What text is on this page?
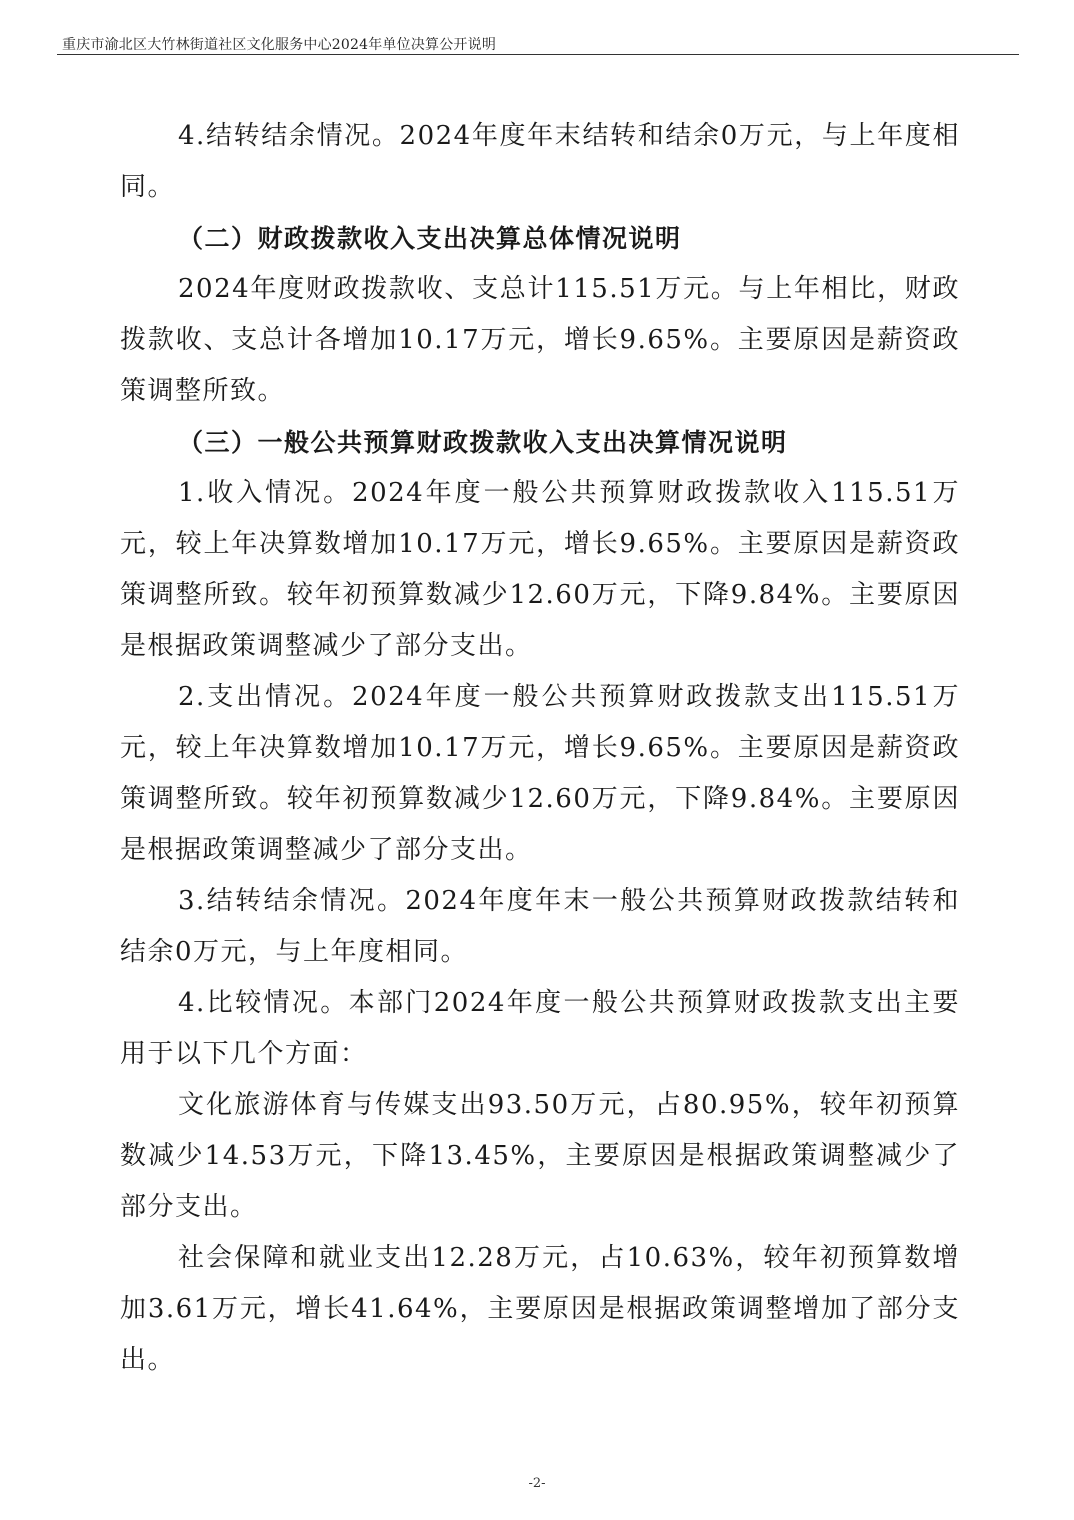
重庆市渝北区大竹林街道社区文化服务中心2024年单位决算公开说明

4.结转结余情况。2024年度年末结转和结余0万元，与上年度相同。

（二）财政拨款收入支出决算总体情况说明

2024年度财政拨款收、支总计115.51万元。与上年相比，财政拨款收、支总计各增加10.17万元，增长9.65%。主要原因是薪资政策调整所致。

（三）一般公共预算财政拨款收入支出决算情况说明

1.收入情况。2024年度一般公共预算财政拨款收入115.51万元，较上年决算数增加10.17万元，增长9.65%。主要原因是薪资政策调整所致。较年初预算数减少12.60万元，下降9.84%。主要原因是根据政策调整减少了部分支出。

2.支出情况。2024年度一般公共预算财政拨款支出115.51万元，较上年决算数增加10.17万元，增长9.65%。主要原因是薪资政策调整所致。较年初预算数减少12.60万元，下降9.84%。主要原因是根据政策调整减少了部分支出。

3.结转结余情况。2024年度年末一般公共预算财政拨款结转和结余0万元，与上年度相同。

4.比较情况。本部门2024年度一般公共预算财政拨款支出主要用于以下几个方面：

文化旅游体育与传媒支出93.50万元，占80.95%，较年初预算数减少14.53万元，下降13.45%，主要原因是根据政策调整减少了部分支出。

社会保障和就业支出12.28万元，占10.63%，较年初预算数增加3.61万元，增长41.64%，主要原因是根据政策调整增加了部分支出。

-2-
